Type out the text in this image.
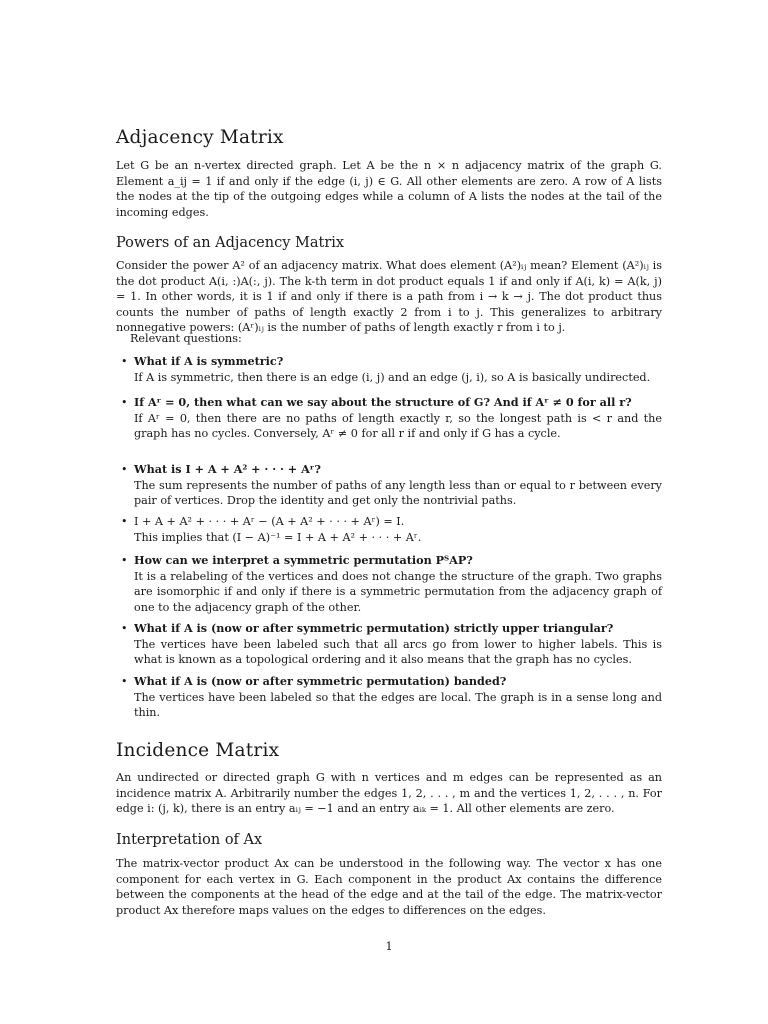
Adjacency Matrix

Let G be an n-vertex directed graph. Let A be the n × n adjacency matrix of the graph G. Element a_ij = 1 if and only if the edge (i, j) ∈ G. All other elements are zero. A row of A lists the nodes at the tip of the outgoing edges while a column of A lists the nodes at the tail of the incoming edges.

Powers of an Adjacency Matrix

Consider the power A² of an adjacency matrix. What does element (A²)ᵢⱼ mean? Element (A²)ᵢⱼ is the dot product A(i, :)A(:, j). The k-th term in dot product equals 1 if and only if A(i, k) = A(k, j) = 1. In other words, it is 1 if and only if there is a path from i → k → j. The dot product thus counts the number of paths of length exactly 2 from i to j. This generalizes to arbitrary nonnegative powers: (Aʳ)ᵢⱼ is the number of paths of length exactly r from i to j.

Relevant questions:

• What if A is symmetric?
If A is symmetric, then there is an edge (i, j) and an edge (j, i), so A is basically undirected.
• If Aʳ = 0, then what can we say about the structure of G? And if Aʳ ≠ 0 for all r?
If Aʳ = 0, then there are no paths of length exactly r, so the longest path is < r and the graph has no cycles. Conversely, Aʳ ≠ 0 for all r if and only if G has a cycle.
• What is I + A + A² + · · · + Aʳ?
The sum represents the number of paths of any length less than or equal to r between every pair of vertices. Drop the identity and get only the nontrivial paths.
• I + A + A² + · · · + Aʳ − (A + A² + · · · + Aʳ) = I.
This implies that (I − A)⁻¹ = I + A + A² + · · · + Aʳ.
• How can we interpret a symmetric permutation PᵀAP?
It is a relabeling of the vertices and does not change the structure of the graph. Two graphs are isomorphic if and only if there is a symmetric permutation from the adjacency graph of one to the adjacency graph of the other.
• What if A is (now or after symmetric permutation) strictly upper triangular?
The vertices have been labeled such that all arcs go from lower to higher labels. This is what is known as a topological ordering and it also means that the graph has no cycles.
• What if A is (now or after symmetric permutation) banded?
The vertices have been labeled so that the edges are local. The graph is in a sense long and thin.
Incidence Matrix

An undirected or directed graph G with n vertices and m edges can be represented as an incidence matrix A. Arbitrarily number the edges 1, 2, . . . , m and the vertices 1, 2, . . . , n. For edge i: (j, k), there is an entry aᵢⱼ = −1 and an entry aᵢₖ = 1. All other elements are zero.

Interpretation of Ax

The matrix-vector product Ax can be understood in the following way. The vector x has one component for each vertex in G. Each component in the product Ax contains the difference between the components at the head of the edge and at the tail of the edge. The matrix-vector product Ax therefore maps values on the edges to differences on the edges.

1
